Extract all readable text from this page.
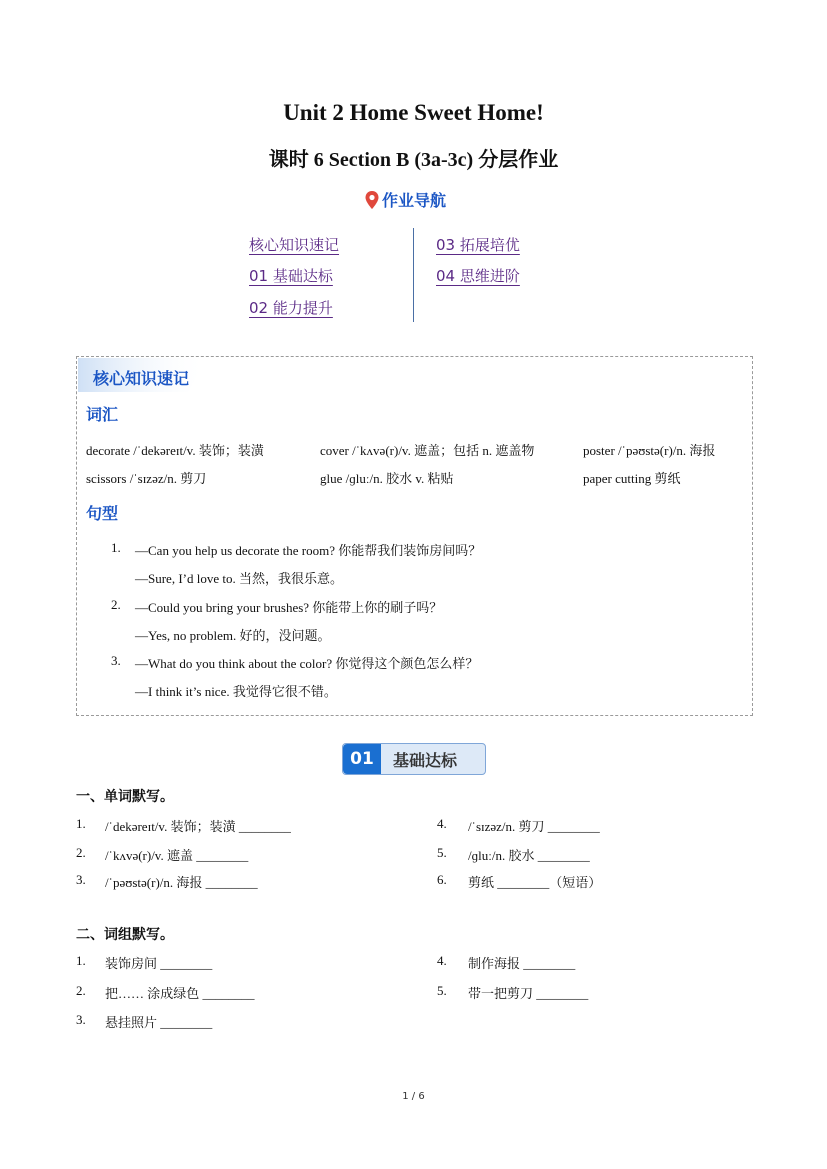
Unit 2 Home Sweet Home!
课时 6 Section B (3a-3c) 分层作业
作业导航
核心知识速记
01 基础达标
02 能力提升
03 拓展培优
04 思维进阶
核心知识速记
词汇
decorate /ˈdekəreɪt/v. 装饰；装潢	cover /ˈkʌvə(r)/v. 遮盖；包括 n. 遮盖物	poster /ˈpəʊstə(r)/n. 海报
scissors /ˈsɪzəz/n. 剪刀	glue /ɡluː/n. 胶水 v. 粘贴	paper cutting 剪纸
句型
1. —Can you help us decorate the room? 你能帮我们装饰房间吗？
—Sure, I’d love to. 当然，我很乐意。
2. —Could you bring your brushes? 你能带上你的刷子吗？
—Yes, no problem. 好的，没问题。
3. —What do you think about the color? 你觉得这个颜色怎么样？
—I think it’s nice. 我觉得它很不错。
01	基础达标
一、单词默写。
1. /ˈdekəreɪt/v. 装饰；装潢 ________
2. /ˈkʌvə(r)/v. 遮盖 ________
3. /ˈpəʊstə(r)/n. 海报 ________
4. /ˈsɪzəz/n. 剪刀 ________
5. /ɡluː/n. 胶水 ________
6. 剪纸 ________（短语）
二、词组默写。
1. 装饰房间 ________
2. 把…… 涂成绿色 ________
3. 悬挂照片 ________
4. 制作海报 ________
5. 带一把剪刀 ________
1 / 6
